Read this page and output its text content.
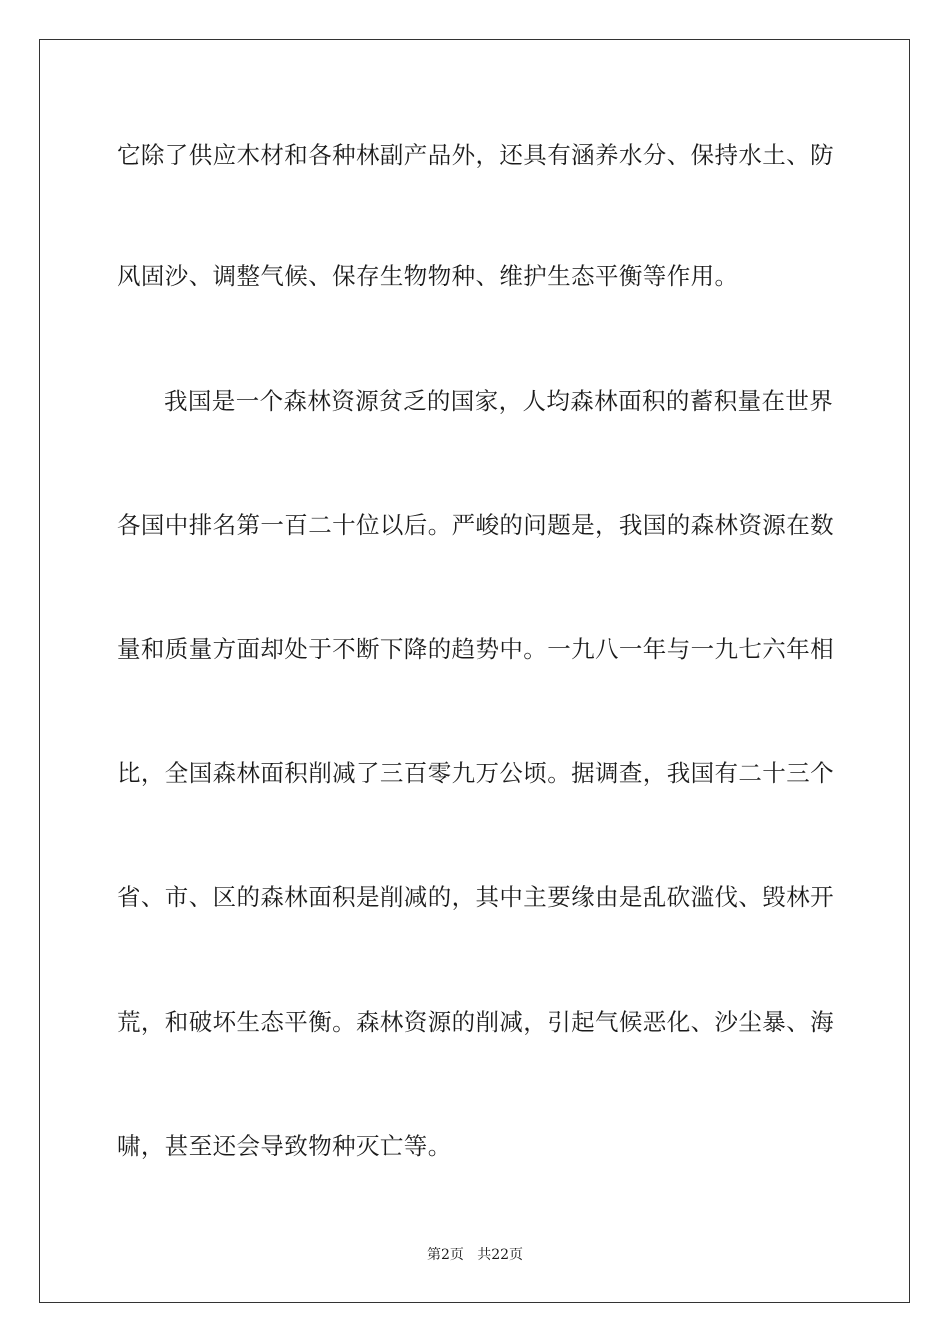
它除了供应木材和各种林副产品外，还具有涵养水分、保持水土、防
风固沙、调整气候、保存生物物种、维护生态平衡等作用。
我国是一个森林资源贫乏的国家，人均森林面积的蓄积量在世界
各国中排名第一百二十位以后。严峻的问题是，我国的森林资源在数
量和质量方面却处于不断下降的趋势中。一九八一年与一九七六年相
比，全国森林面积削减了三百零九万公顷。据调查，我国有二十三个
省、市、区的森林面积是削减的，其中主要缘由是乱砍滥伐、毁林开
荒，和破坏生态平衡。森林资源的削减，引起气候恶化、沙尘暴、海
啸，甚至还会导致物种灭亡等。
第2页   共22页
